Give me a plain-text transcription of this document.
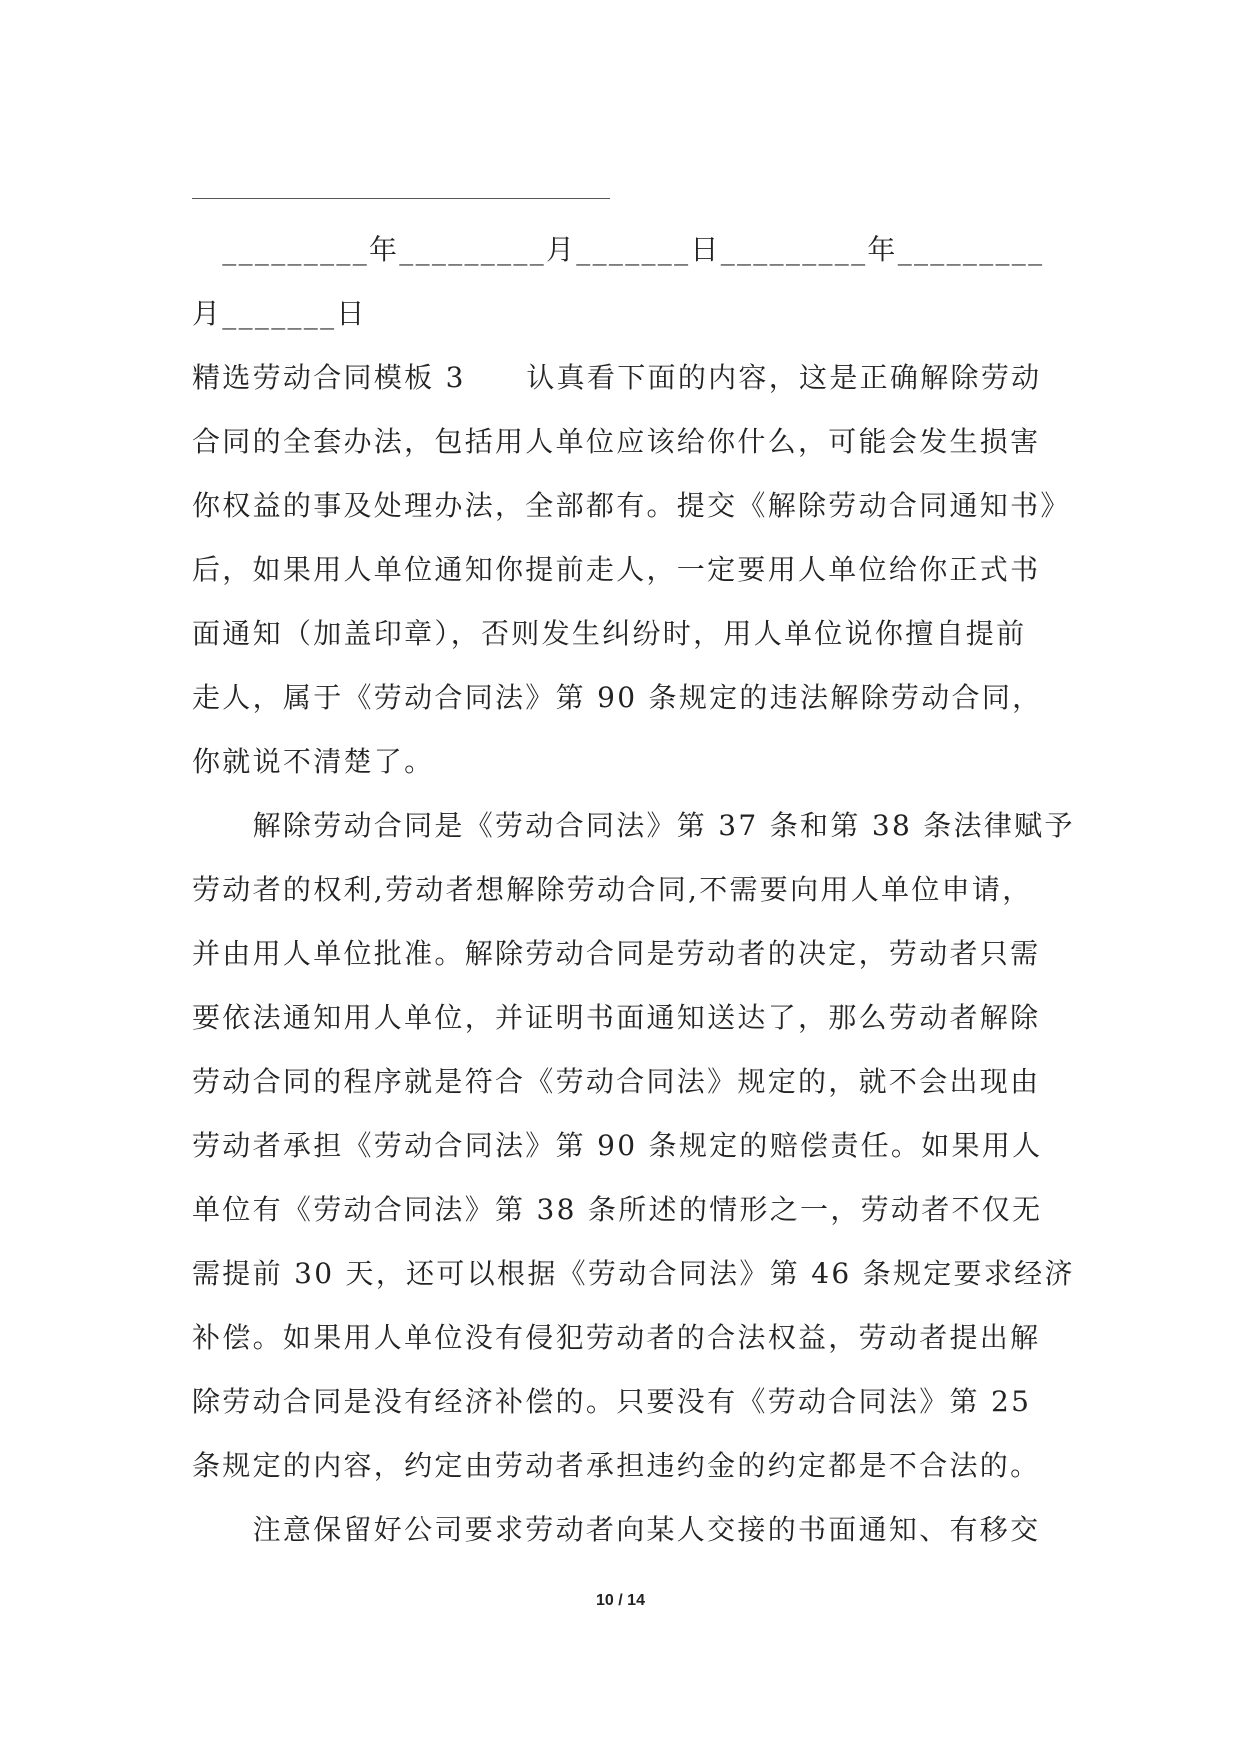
　_________年_________月_______日_________年_________
月_______日
精选劳动合同模板 3　　认真看下面的内容，这是正确解除劳动
合同的全套办法，包括用人单位应该给你什么，可能会发生损害
你权益的事及处理办法，全部都有。提交《解除劳动合同通知书》
后，如果用人单位通知你提前走人，一定要用人单位给你正式书
面通知（加盖印章），否则发生纠纷时，用人单位说你擅自提前
走人，属于《劳动合同法》第 90 条规定的违法解除劳动合同，
你就说不清楚了。
　　解除劳动合同是《劳动合同法》第 37 条和第 38 条法律赋予
劳动者的权利,劳动者想解除劳动合同,不需要向用人单位申请，
并由用人单位批准。解除劳动合同是劳动者的决定，劳动者只需
要依法通知用人单位，并证明书面通知送达了，那么劳动者解除
劳动合同的程序就是符合《劳动合同法》规定的，就不会出现由
劳动者承担《劳动合同法》第 90 条规定的赔偿责任。如果用人
单位有《劳动合同法》第 38 条所述的情形之一，劳动者不仅无
需提前 30 天，还可以根据《劳动合同法》第 46 条规定要求经济
补偿。如果用人单位没有侵犯劳动者的合法权益，劳动者提出解
除劳动合同是没有经济补偿的。只要没有《劳动合同法》第 25
条规定的内容，约定由劳动者承担违约金的约定都是不合法的。
　　注意保留好公司要求劳动者向某人交接的书面通知、有移交
10 / 14
